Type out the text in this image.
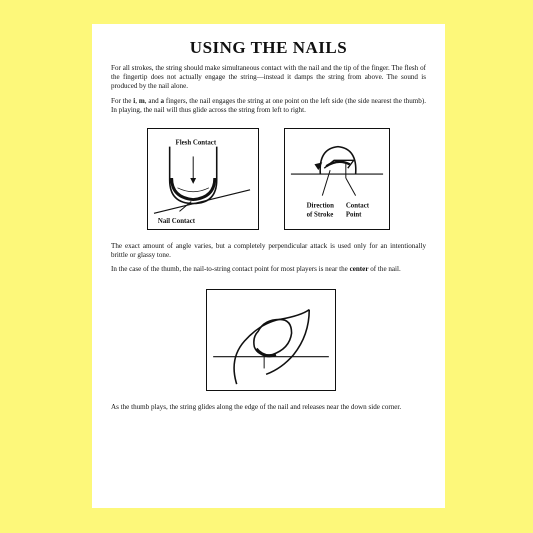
USING THE NAILS

For all strokes, the string should make simultaneous contact with the nail and the tip of the finger. The flesh of the fingertip does not actually engage the string—instead it damps the string from above. The sound is produced by the nail alone.

For the i, m, and a fingers, the nail engages the string at one point on the left side (the side nearest the thumb). In playing, the nail will thus glide across the string from left to right.

Flesh Contact
Nail Contact
Direction
of Stroke
Contact
Point

The exact amount of angle varies, but a completely perpendicular attack is used only for an intentionally brittle or glassy tone.

In the case of the thumb, the nail-to-string contact point for most players is near the center of the nail.

As the thumb plays, the string glides along the edge of the nail and releases near the down side corner.
